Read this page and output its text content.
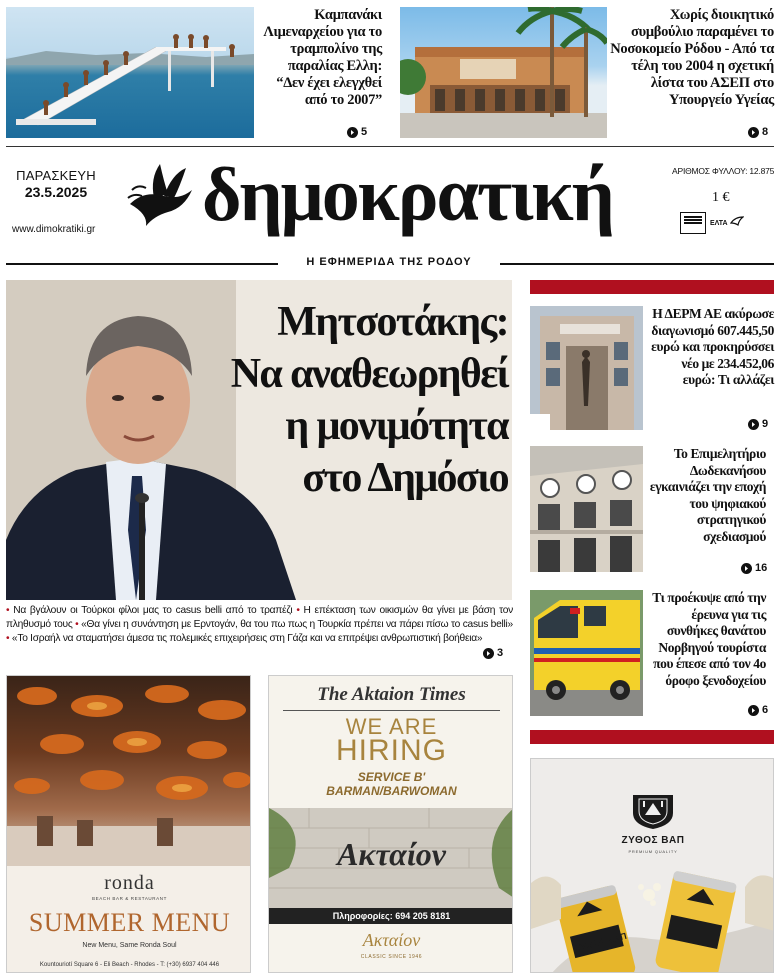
Καμπανάκι Λιμεναρχείου για το τραμπολίνο της παραλίας Ελλη: “Δεν έχει ελεγχθεί από το 2007”
5
Χωρίς διοικητικό συμβούλιο παραμένει το Νοσοκομείο Ρόδου - Από τα τέλη του 2004 η σχετική λίστα του ΑΣΕΠ στο Υπουργείο Υγείας
8
ΠΑΡΑΣΚΕΥΗ
23.5.2025
www.dimokratiki.gr δημοκρατική	ΑΡΙΘΜΟΣ ΦΥΛΛΟΥ: 12.875
1 €
ΕΛΤΑ
Η ΕΦΗΜΕΡΙΔΑ ΤΗΣ ΡΟΔΟΥ
Μητσοτάκης:
Να αναθεωρηθεί
η μονιμότητα
στο Δημόσιο
• Να βγάλουν οι Τούρκοι φίλοι μας το casus belli από το τραπέζι • Η επέκταση των οικισμών θα γίνει με βάση τον πληθυσμό τους • «Θα γίνει η συνάντηση με Ερντογάν, θα του πω πως η Τουρκία πρέπει να πάρει πίσω το casus belli» • «Το Ισραήλ να σταματήσει άμεσα τις πολεμικές επιχειρήσεις στη Γάζα και να επιτρέψει ανθρωπιστική βοήθεια»
3
Η ΔΕΡΜ ΑΕ ακύρωσε διαγωνισμό 607.445,50 ευρώ και προκηρύσσει νέο με 234.452,06 ευρώ: Τι αλλάζει
9
Το Επιμελητήριο Δωδεκανήσου εγκαινιάζει την εποχή του ψηφιακού στρατηγικού σχεδιασμού
16
Τι προέκυψε από την έρευνα για τις συνθήκες θανάτου Νορβηγού τουρίστα που έπεσε από τον 4ο όροφο ξενοδοχείου
6
ronda
BEACH BAR & RESTAURANT
SUMMER MENU
New Menu, Same Ronda Soul
Kountouriotí Square 6 - Eli Beach - Rhodes - T: (+30) 6937 404 446
The Aktaion Times
WE ARE
HIRING
SERVICE B'
BARMAN/BARWOMAN
Ακταίον
Πληροφορίες: 694 205 8181
Ακταίον
CLASSIC SINCE 1946
ΖΥΘΟΣ ΒΑΠ
PREMIUM QUALITY
ΖΥΘΟΣ ΒΑΠ
